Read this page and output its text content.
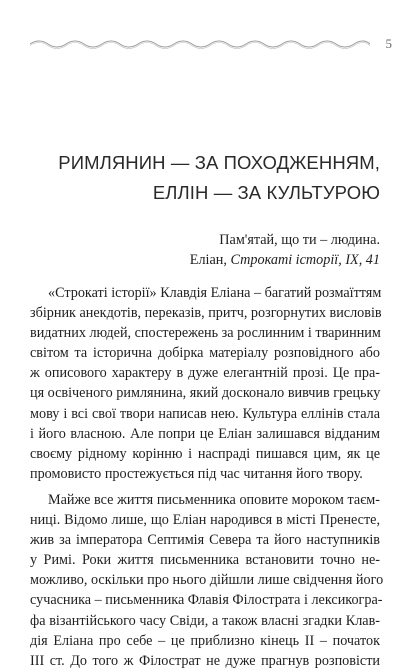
5
РИМЛЯНИН — ЗА ПОХОДЖЕННЯМ,
ЕЛЛІН — ЗА КУЛЬТУРОЮ
Пам'ятай, що ти – людина.
Еліан, Строкаті історії, IX, 41
«Строкаті історії» Клавдія Еліана – багатий розмаїттям
збірник анекдотів, переказів, притч, розгорнутих висловів
видатних людей, спостережень за рослинним і тваринним
світом та історична добірка матеріалу розповідного або
ж описового характеру в дуже елегантній прозі. Це пра-
ця освіченого римлянина, який досконало вивчив грецьку
мову і всі свої твори написав нею. Культура еллінів стала
і його власною. Але попри це Еліан залишався відданим
своєму рідному корінню і наспраді пишався цим, як це
промовисто простежується під час читання його твору.
Майже все життя письменника оповите мороком таєм-
ниці. Відомо лише, що Еліан народився в місті Пренесте,
жив за імператора Септимія Севера та його наступників
у Римі. Роки життя письменника встановити точно не-
можливо, оскільки про нього дійшли лише свідчення його
сучасника – письменника Флавія Філострата і лексикогра-
фа візантійського часу Свіди, а також власні згадки Клав-
дія Еліана про себе – це приблизно кінець II – початок
III ст. До того ж Філострат не дуже прагнув розповісти
